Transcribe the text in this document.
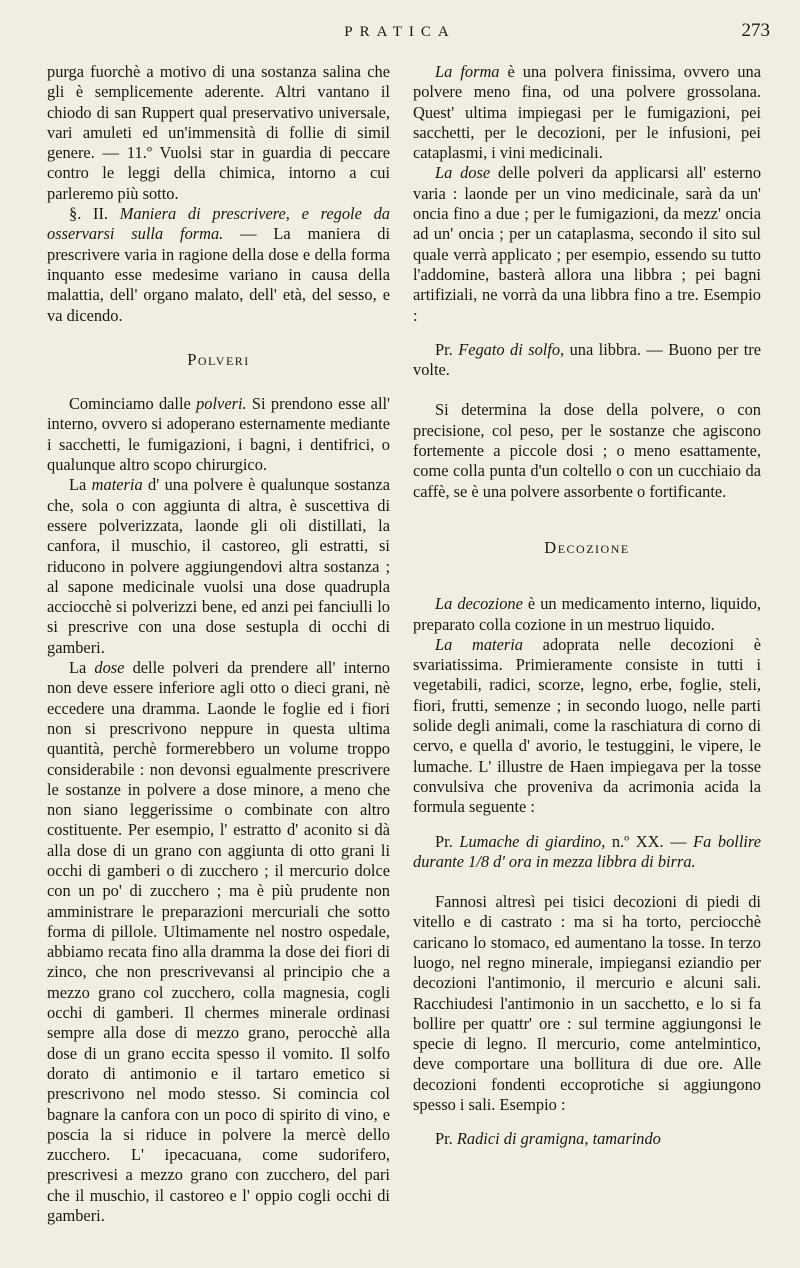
PRATICA	273

purga fuorchè a motivo di una sostanza salina che gli è semplicemente aderente. Altri vantano il chiodo di san Ruppert qual preservativo universale, vari amuleti ed un'immensità di follie di simil genere. — 11.º Vuolsi star in guardia di peccare contro le leggi della chimica, intorno a cui parleremo più sotto.

§. II. Maniera di prescrivere, e regole da osservarsi sulla forma. — La maniera di prescrivere varia in ragione della dose e della forma inquanto esse medesime variano in causa della malattia, dell' organo malato, dell' età, del sesso, e va dicendo.

Polveri

Cominciamo dalle polveri. Si prendono esse all' interno, ovvero si adoperano esternamente mediante i sacchetti, le fumigazioni, i bagni, i dentifrici, o qualunque altro scopo chirurgico.

La materia d' una polvere è qualunque sostanza che, sola o con aggiunta di altra, è suscettiva di essere polverizzata, laonde gli oli distillati, la canfora, il muschio, il castoreo, gli estratti, si riducono in polvere aggiungendovi altra sostanza ; al sapone medicinale vuolsi una dose quadrupla acciocchè si polverizzi bene, ed anzi pei fanciulli lo si prescrive con una dose sestupla di occhi di gamberi.

La dose delle polveri da prendere all' interno non deve essere inferiore agli otto o dieci grani, nè eccedere una dramma. Laonde le foglie ed i fiori non si prescrivono neppure in questa ultima quantità, perchè formerebbero un volume troppo considerabile : non devonsi egualmente prescrivere le sostanze in polvere a dose minore, a meno che non siano leggerissime o combinate con altro costituente. Per esempio, l' estratto d' aconito si dà alla dose di un grano con aggiunta di otto grani li occhi di gamberi o di zucchero ; il mercurio dolce con un po' di zucchero ; ma è più prudente non amministrare le preparazioni mercuriali che sotto forma di pillole. Ultimamente nel nostro ospedale, abbiamo recata fino alla dramma la dose dei fiori di zinco, che non prescrivevansi al principio che a mezzo grano col zucchero, colla magnesia, cogli occhi di gamberi. Il chermes minerale ordinasi sempre alla dose di mezzo grano, perocchè alla dose di un grano eccita spesso il vomito. Il solfo dorato di antimonio e il tartaro emetico si prescrivono nel modo stesso. Si comincia col bagnare la canfora con un poco di spirito di vino, e poscia la si riduce in polvere la mercè dello zucchero. L' ipecacuana, come sudorifero, prescrivesi a mezzo grano con zucchero, del pari che il muschio, il castoreo e l' oppio cogli occhi di gamberi.

La forma è una polvera finissima, ovvero una polvere meno fina, od una polvere grossolana. Quest' ultima impiegasi per le fumigazioni, pei sacchetti, per le decozioni, per le infusioni, pei cataplasmi, i vini medicinali.

La dose delle polveri da applicarsi all' esterno varia : laonde per un vino medicinale, sarà da un' oncia fino a due ; per le fumigazioni, da mezz' oncia ad un' oncia ; per un cataplasma, secondo il sito sul quale verrà applicato ; per esempio, essendo su tutto l'addomine, basterà allora una libbra ; pei bagni artifiziali, ne vorrà da una libbra fino a tre. Esempio :

Pr. Fegato di solfo, una libbra. — Buono per tre volte.

Si determina la dose della polvere, o con precisione, col peso, per le sostanze che agiscono fortemente a piccole dosi ; o meno esattamente, come colla punta d'un coltello o con un cucchiaio da caffè, se è una polvere assorbente o fortificante.

Decozione

La decozione è un medicamento interno, liquido, preparato colla cozione in un mestruo liquido.

La materia adoprata nelle decozioni è svariatissima. Primieramente consiste in tutti i vegetabili, radici, scorze, legno, erbe, foglie, steli, fiori, frutti, semenze ; in secondo luogo, nelle parti solide degli animali, come la raschiatura di corno di cervo, e quella d' avorio, le testuggini, le vipere, le lumache. L' illustre de Haen impiegava per la tosse convulsiva che proveniva da acrimonia acida la formula seguente :

Pr. Lumache di giardino, n.º XX. — Fa bollire durante 1/8 d' ora in mezza libbra di birra.

Fannosi altresì pei tisici decozioni di piedi di vitello e di castrato : ma si ha torto, perciocchè caricano lo stomaco, ed aumentano la tosse. In terzo luogo, nel regno minerale, impiegansi eziandio per decozioni l'antimonio, il mercurio e alcuni sali. Racchiudesi l'antimonio in un sacchetto, e lo si fa bollire per quattr' ore : sul termine aggiungonsi le specie di legno. Il mercurio, come antelmintico, deve comportare una bollitura di due ore. Alle decozioni fondenti eccoprotiche si aggiungono spesso i sali. Esempio :

Pr. Radici di gramigna, tamarindo
